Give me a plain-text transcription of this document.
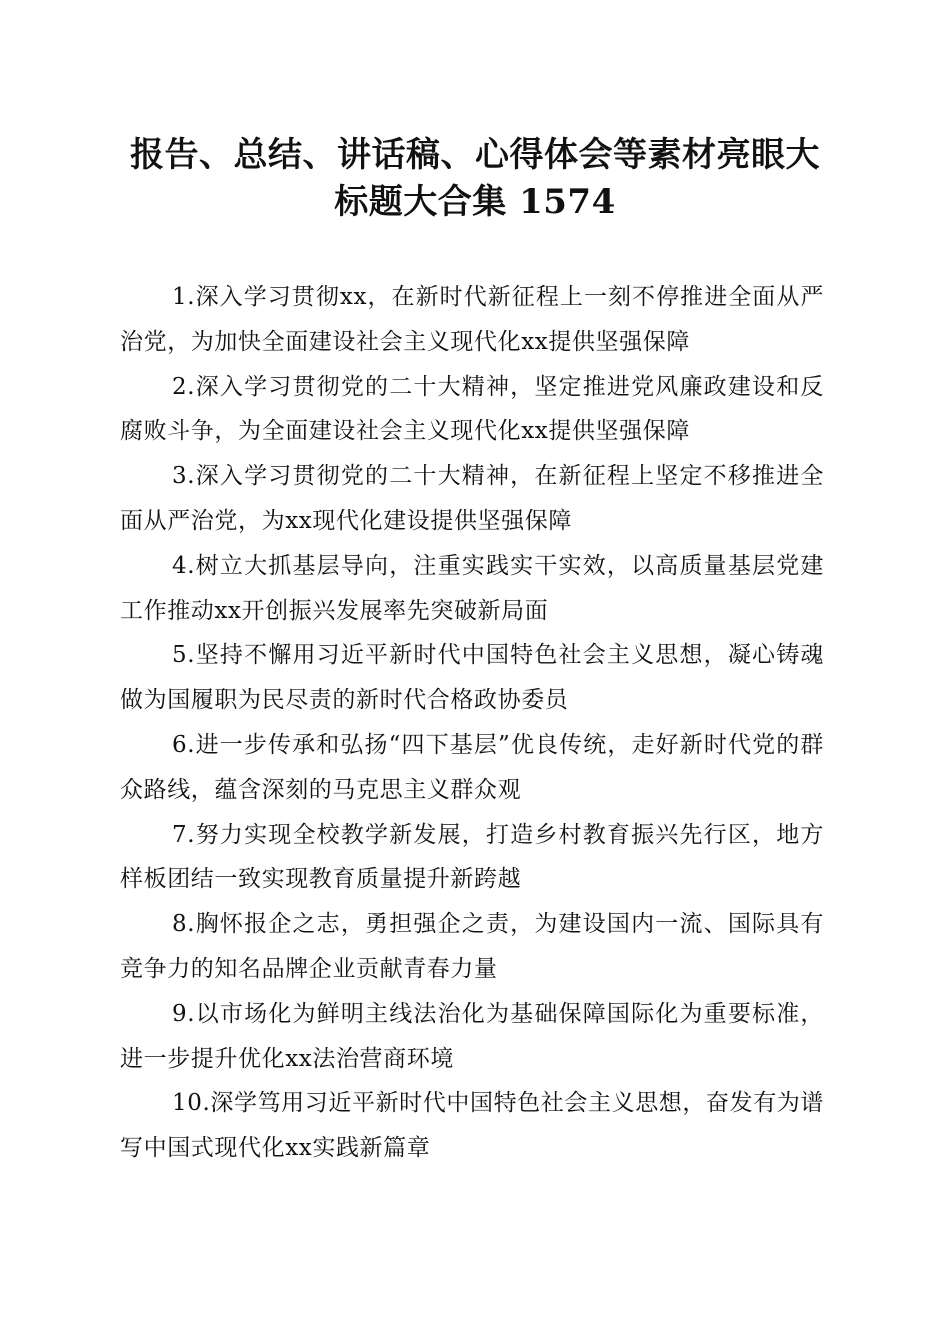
报告、总结、讲话稿、心得体会等素材亮眼大
标题大合集 1574

1.深入学习贯彻xx，在新时代新征程上一刻不停推进全面从严治党，为加快全面建设社会主义现代化xx提供坚强保障

2.深入学习贯彻党的二十大精神，坚定推进党风廉政建设和反腐败斗争，为全面建设社会主义现代化xx提供坚强保障

3.深入学习贯彻党的二十大精神，在新征程上坚定不移推进全面从严治党，为xx现代化建设提供坚强保障

4.树立大抓基层导向，注重实践实干实效，以高质量基层党建工作推动xx开创振兴发展率先突破新局面

5.坚持不懈用习近平新时代中国特色社会主义思想，凝心铸魂做为国履职为民尽责的新时代合格政协委员

6.进一步传承和弘扬“四下基层”优良传统，走好新时代党的群众路线，蕴含深刻的马克思主义群众观

7.努力实现全校教学新发展，打造乡村教育振兴先行区，地方样板团结一致实现教育质量提升新跨越

8.胸怀报企之志，勇担强企之责，为建设国内一流、国际具有竞争力的知名品牌企业贡献青春力量

9.以市场化为鲜明主线法治化为基础保障国际化为重要标准，进一步提升优化xx法治营商环境

10.深学笃用习近平新时代中国特色社会主义思想，奋发有为谱写中国式现代化xx实践新篇章
